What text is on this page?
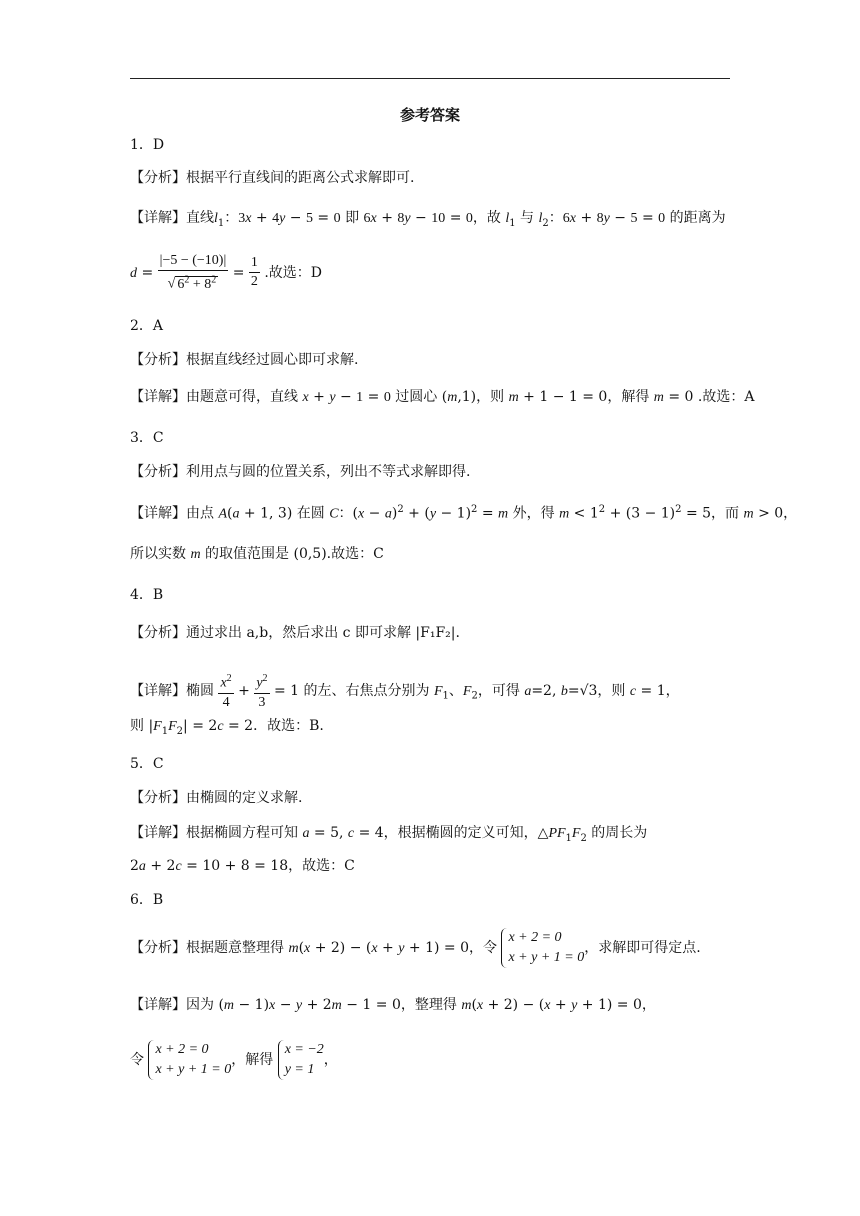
参考答案
1．D
【分析】根据平行直线间的距离公式求解即可.
【详解】直线$l_1$：3x + 4y − 5 = 0 即 6x + 8y − 10 = 0，故 $l_1$ 与 $l_2$：6x + 8y − 5 = 0 的距离为
$d = \frac{|-5 - (-10)|}{√ 6^2 + 8^2} = \frac{1}{2}$ .故选：D
2．A
【分析】根据直线经过圆心即可求解.
【详解】由题意可得，直线 x + y − 1 = 0 过圆心 (m,1)，则 m + 1 − 1 = 0，解得 m = 0 .故选：A
3．C
【分析】利用点与圆的位置关系，列出不等式求解即得.
【详解】由点 A(a + 1, 3) 在圆 C：$(x - a)^2 + (y - 1)^2 = m$ 外，得 $m < 1^2 + (3 - 1)^2 = 5$，而 m > 0，
所以实数 m 的取值范围是 (0,5).故选：C
4．B
【分析】通过求出 a,b，然后求出 c 即可求解 |F₁F₂|.
【详解】椭圆 $\frac{x^2}{4} + \frac{y^2}{3} = 1$ 的左、右焦点分别为 $F_1$、$F_2$，可得 a=2, b=√3，则 c = 1，
则 $|F_1F_2| = 2c = 2$．故选：B.
5．C
【分析】由椭圆的定义求解.
【详解】根据椭圆方程可知 a = 5, c = 4，根据椭圆的定义可知，$\triangle PF_1F_2$ 的周长为
2a + 2c = 10 + 8 = 18，故选：C
6．B
【分析】根据题意整理得 m(x + 2) − (x + y + 1) = 0，令 x + 2 = 0
x + y + 1 = 0，求解即可得定点.
【详解】因为 (m − 1)x − y + 2m − 1 = 0，整理得 m(x + 2) − (x + y + 1) = 0，
令 x + 2 = 0
x + y + 1 = 0，解得 x = −2
y = 1，
